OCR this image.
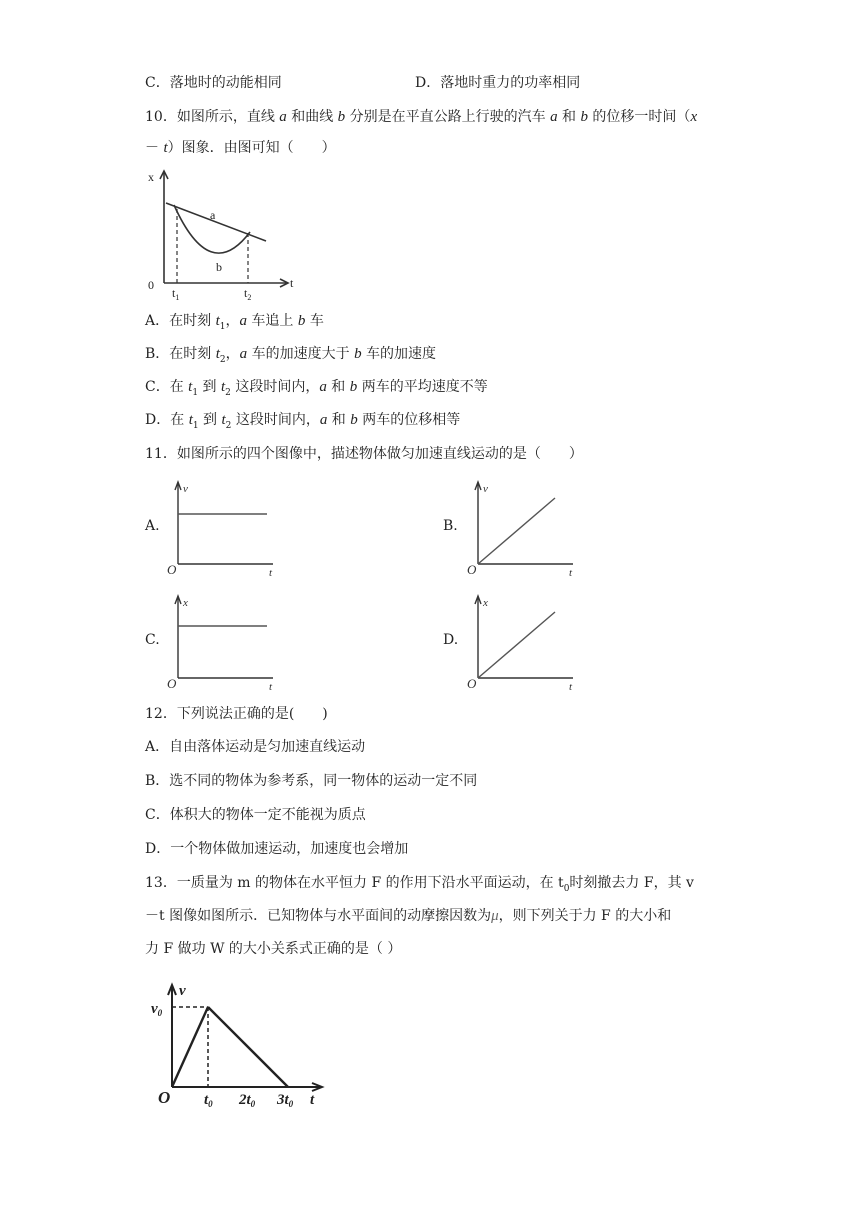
C．落地时的动能相同	D．落地时重力的功率相同
10．如图所示，直线 a 和曲线 b 分别是在平直公路上行驶的汽车 a 和 b 的位移一时间（x
－ t）图象．由图可知（　　）
x
t
0
a
b
$t_1$	$t_2$
A．在时刻 $t_1$，a 车追上 b 车
B．在时刻 $t_2$，a 车的加速度大于 b 车的加速度
C．在 $t_1$ 到 $t_2$ 这段时间内，a 和 b 两车的平均速度不等
D．在 $t_1$ 到 $t_2$ 这段时间内，a 和 b 两车的位移相等
11．如图所示的四个图像中，描述物体做匀加速直线运动的是（　　）
A.
v
O	t
B.
v
O	t
C.
x
O	t
D.
x
O	t
12．下列说法正确的是(　　)
A．自由落体运动是匀加速直线运动
B．选不同的物体为参考系，同一物体的运动一定不同
C．体积大的物体一定不能视为质点
D．一个物体做加速运动，加速度也会增加
13．一质量为 m 的物体在水平恒力 F 的作用下沿水平面运动，在 $t_0$时刻撤去力 F，其 v
－t 图像如图所示．已知物体与水平面间的动摩擦因数为μ，则下列关于力 F 的大小和
力 F 做功 W 的大小关系式正确的是（ ）
v
$v_0$
O $t_0$ $2t_0$ $3t_0$ t
